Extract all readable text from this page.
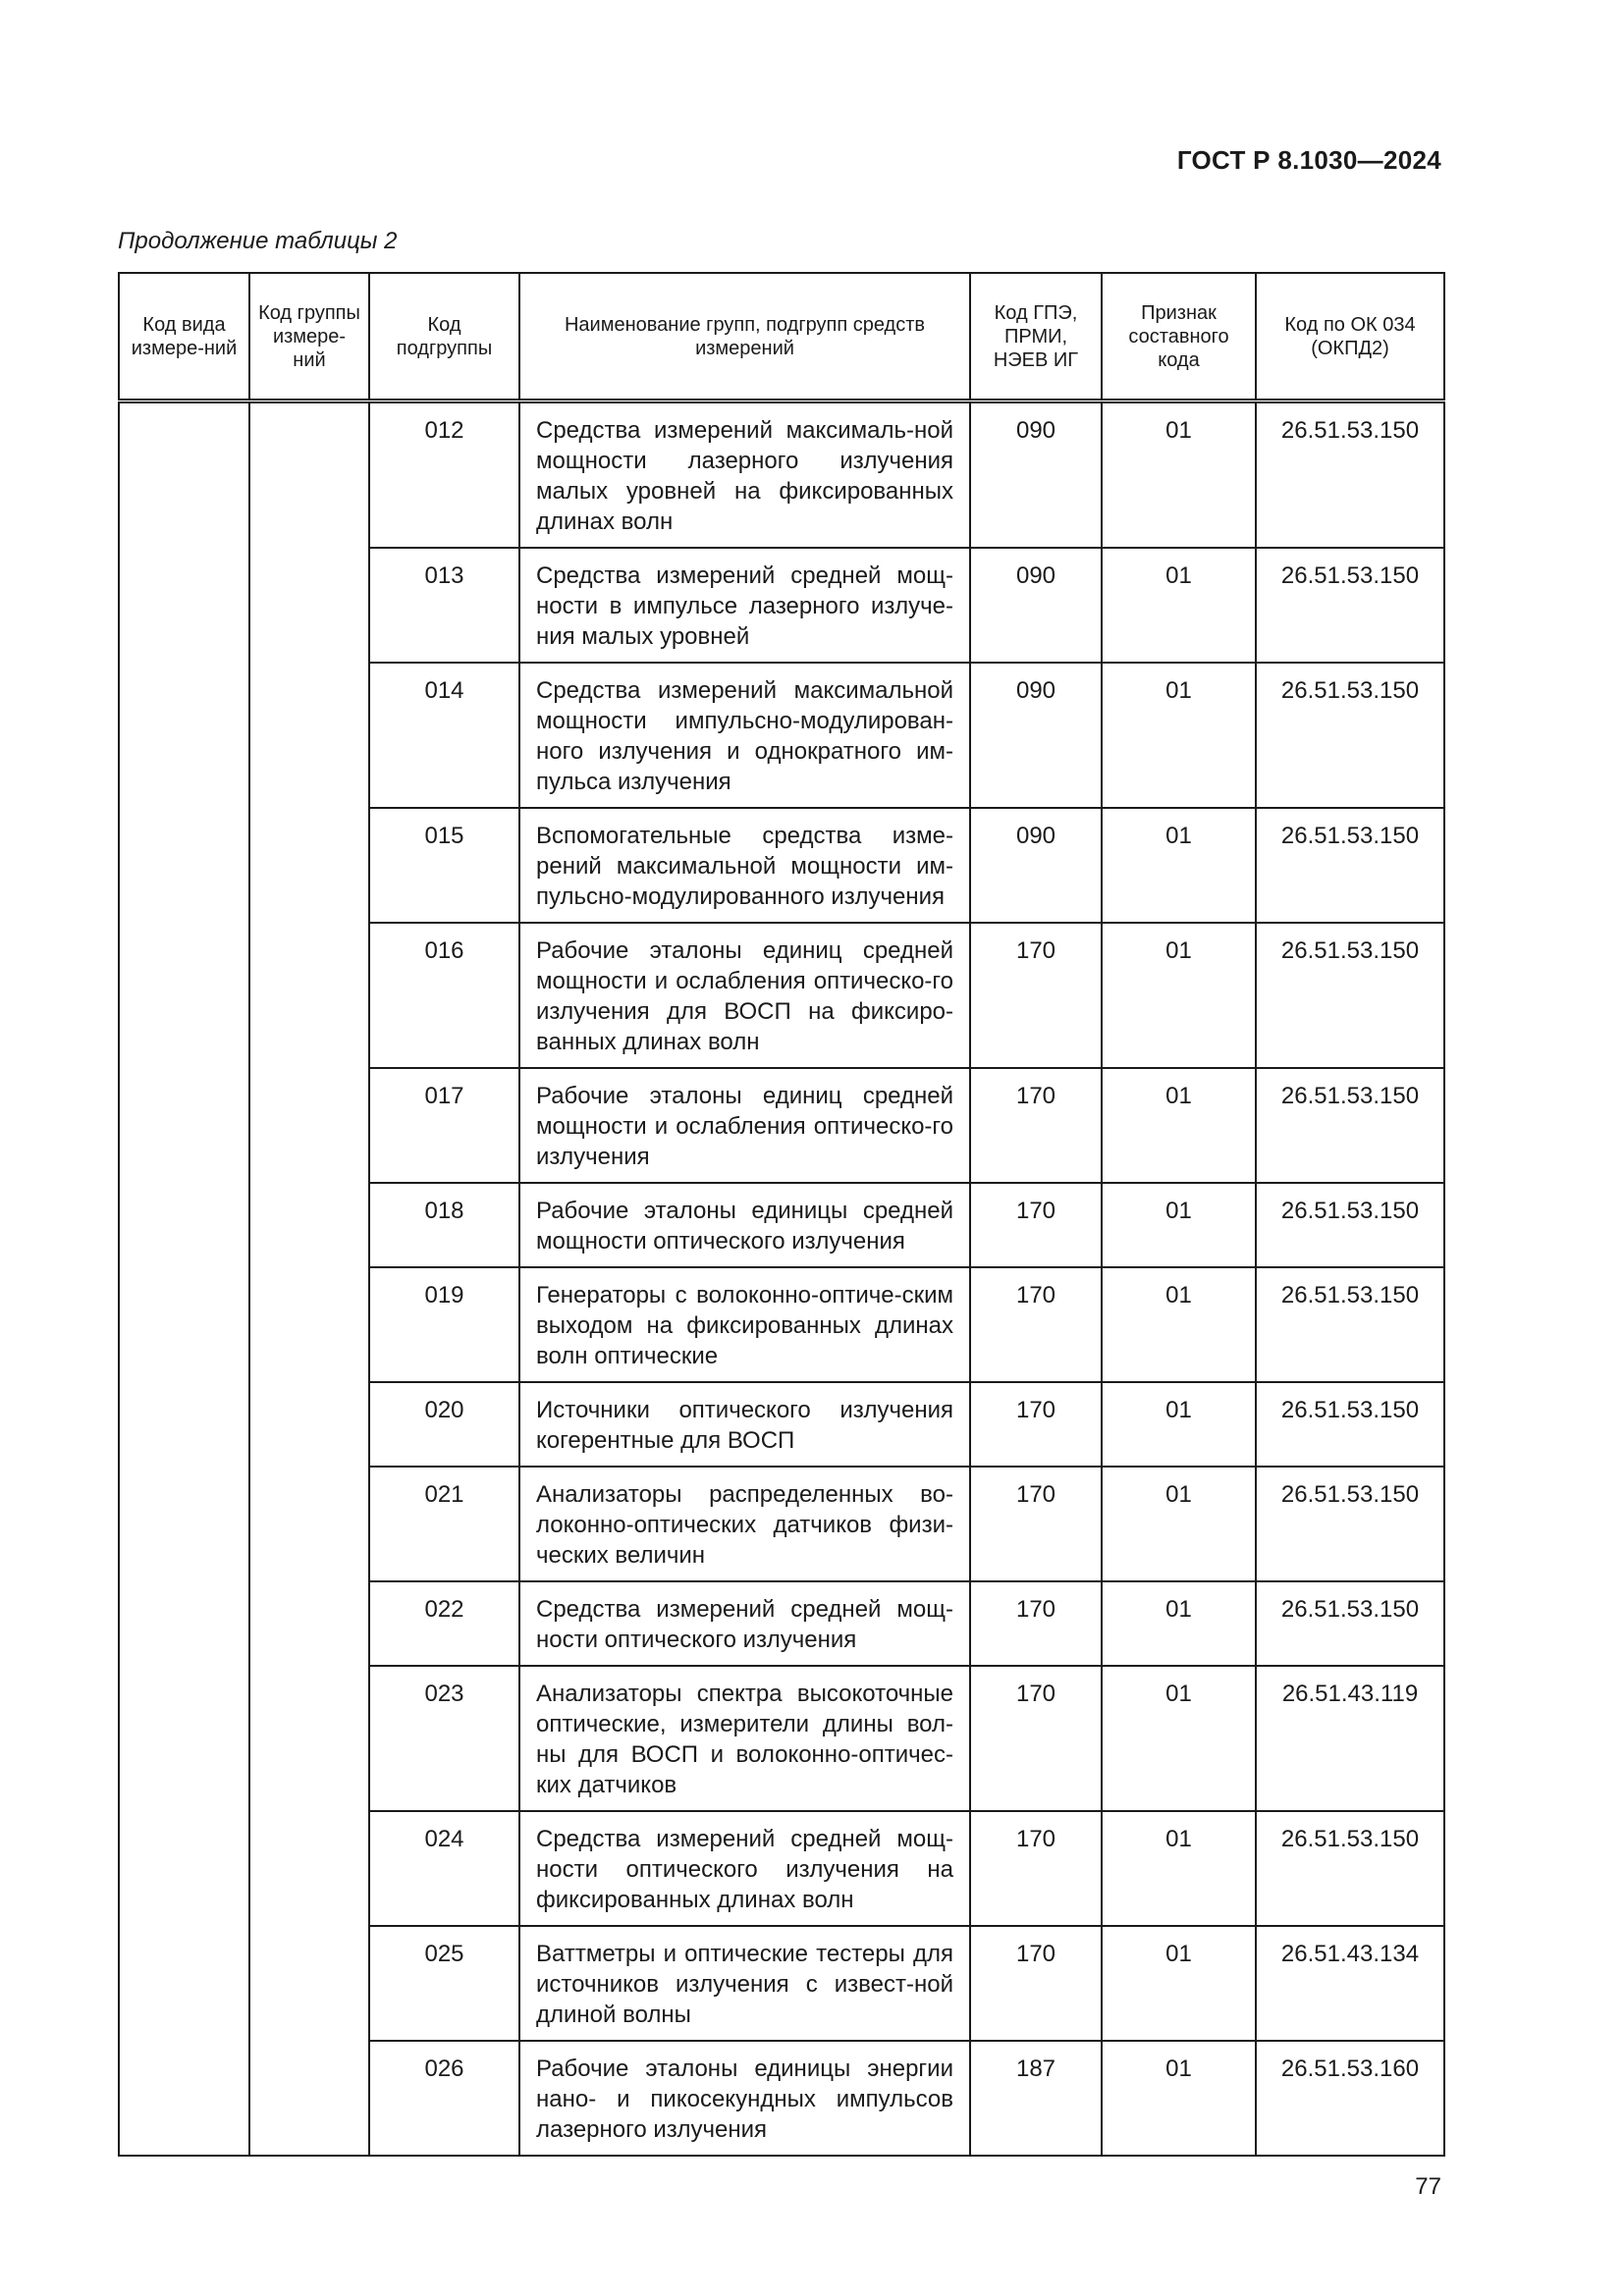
ГОСТ Р 8.1030—2024
Продолжение таблицы 2
Код вида измере-ний	Код группы измере-ний	Код подгруппы	Наименование групп, подгрупп средств измерений	Код ГПЭ, ПРМИ, НЭЕВ ИГ	Признак составного кода	Код по ОК 034 (ОКПД2)
		012	Средства измерений максималь-ной мощности лазерного излучения малых уровней на фиксированных длинах волн	090	01	26.51.53.150
		013	Средства измерений средней мощ-ности в импульсе лазерного излуче-ния малых уровней	090	01	26.51.53.150
		014	Средства измерений максимальной мощности импульсно-модулирован-ного излучения и однократного им-пульса излучения	090	01	26.51.53.150
		015	Вспомогательные средства изме-рений максимальной мощности им-пульсно-модулированного излучения	090	01	26.51.53.150
		016	Рабочие эталоны единиц средней мощности и ослабления оптическо-го излучения для ВОСП на фиксиро-ванных длинах волн	170	01	26.51.53.150
		017	Рабочие эталоны единиц средней мощности и ослабления оптическо-го излучения	170	01	26.51.53.150
		018	Рабочие эталоны единицы средней мощности оптического излучения	170	01	26.51.53.150
		019	Генераторы с волоконно-оптиче-ским выходом на фиксированных длинах волн оптические	170	01	26.51.53.150
		020	Источники оптического излучения когерентные для ВОСП	170	01	26.51.53.150
		021	Анализаторы распределенных во-локонно-оптических датчиков физи-ческих величин	170	01	26.51.53.150
		022	Средства измерений средней мощ-ности оптического излучения	170	01	26.51.53.150
		023	Анализаторы спектра высокоточные оптические, измерители длины вол-ны для ВОСП и волоконно-оптичес-ких датчиков	170	01	26.51.43.119
		024	Средства измерений средней мощ-ности оптического излучения на фиксированных длинах волн	170	01	26.51.53.150
		025	Ваттметры и оптические тестеры для источников излучения с извест-ной длиной волны	170	01	26.51.43.134
		026	Рабочие эталоны единицы энергии нано- и пикосекундных импульсов лазерного излучения	187	01	26.51.53.160
77
